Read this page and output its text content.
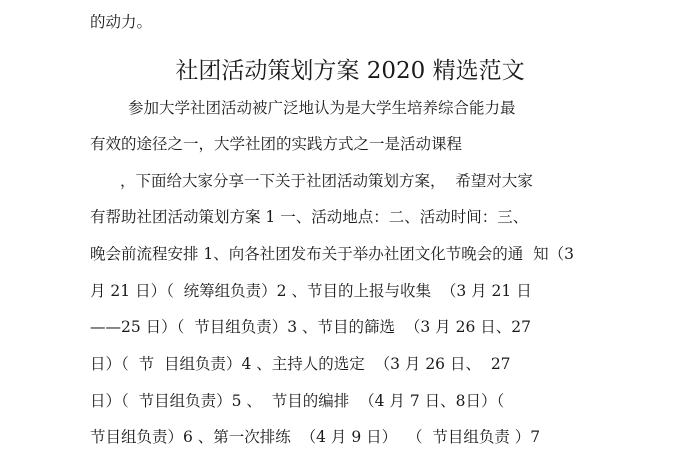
的动力。
社团活动策划方案 2020 精选范文
参加大学社团活动被广泛地认为是大学生培养综合能力最
有效的途径之一，大学社团的实践方式之一是活动课程
，下面给大家分享一下关于社团活动策划方案，  希望对大家
有帮助社团活动策划方案 1 一、活动地点：二、活动时间：三、
晚会前流程安排 1、向各社团发布关于举办社团文化节晚会的通  知（3
月 21 日）（  统筹组负责）2 、节目的上报与收集  （3 月 21 日
——25 日）（  节目组负责）3 、节目的篩选  （3 月 26 日、27
日）（  节  目组负责）4 、主持人的选定  （3 月 26 日、  27
日）（  节目组负责）5 、  节目的编排  （4 月 7 日、8日）（
节目组负责）6 、第一次排练  （4 月 9 日）  （  节目组负责 ）7
